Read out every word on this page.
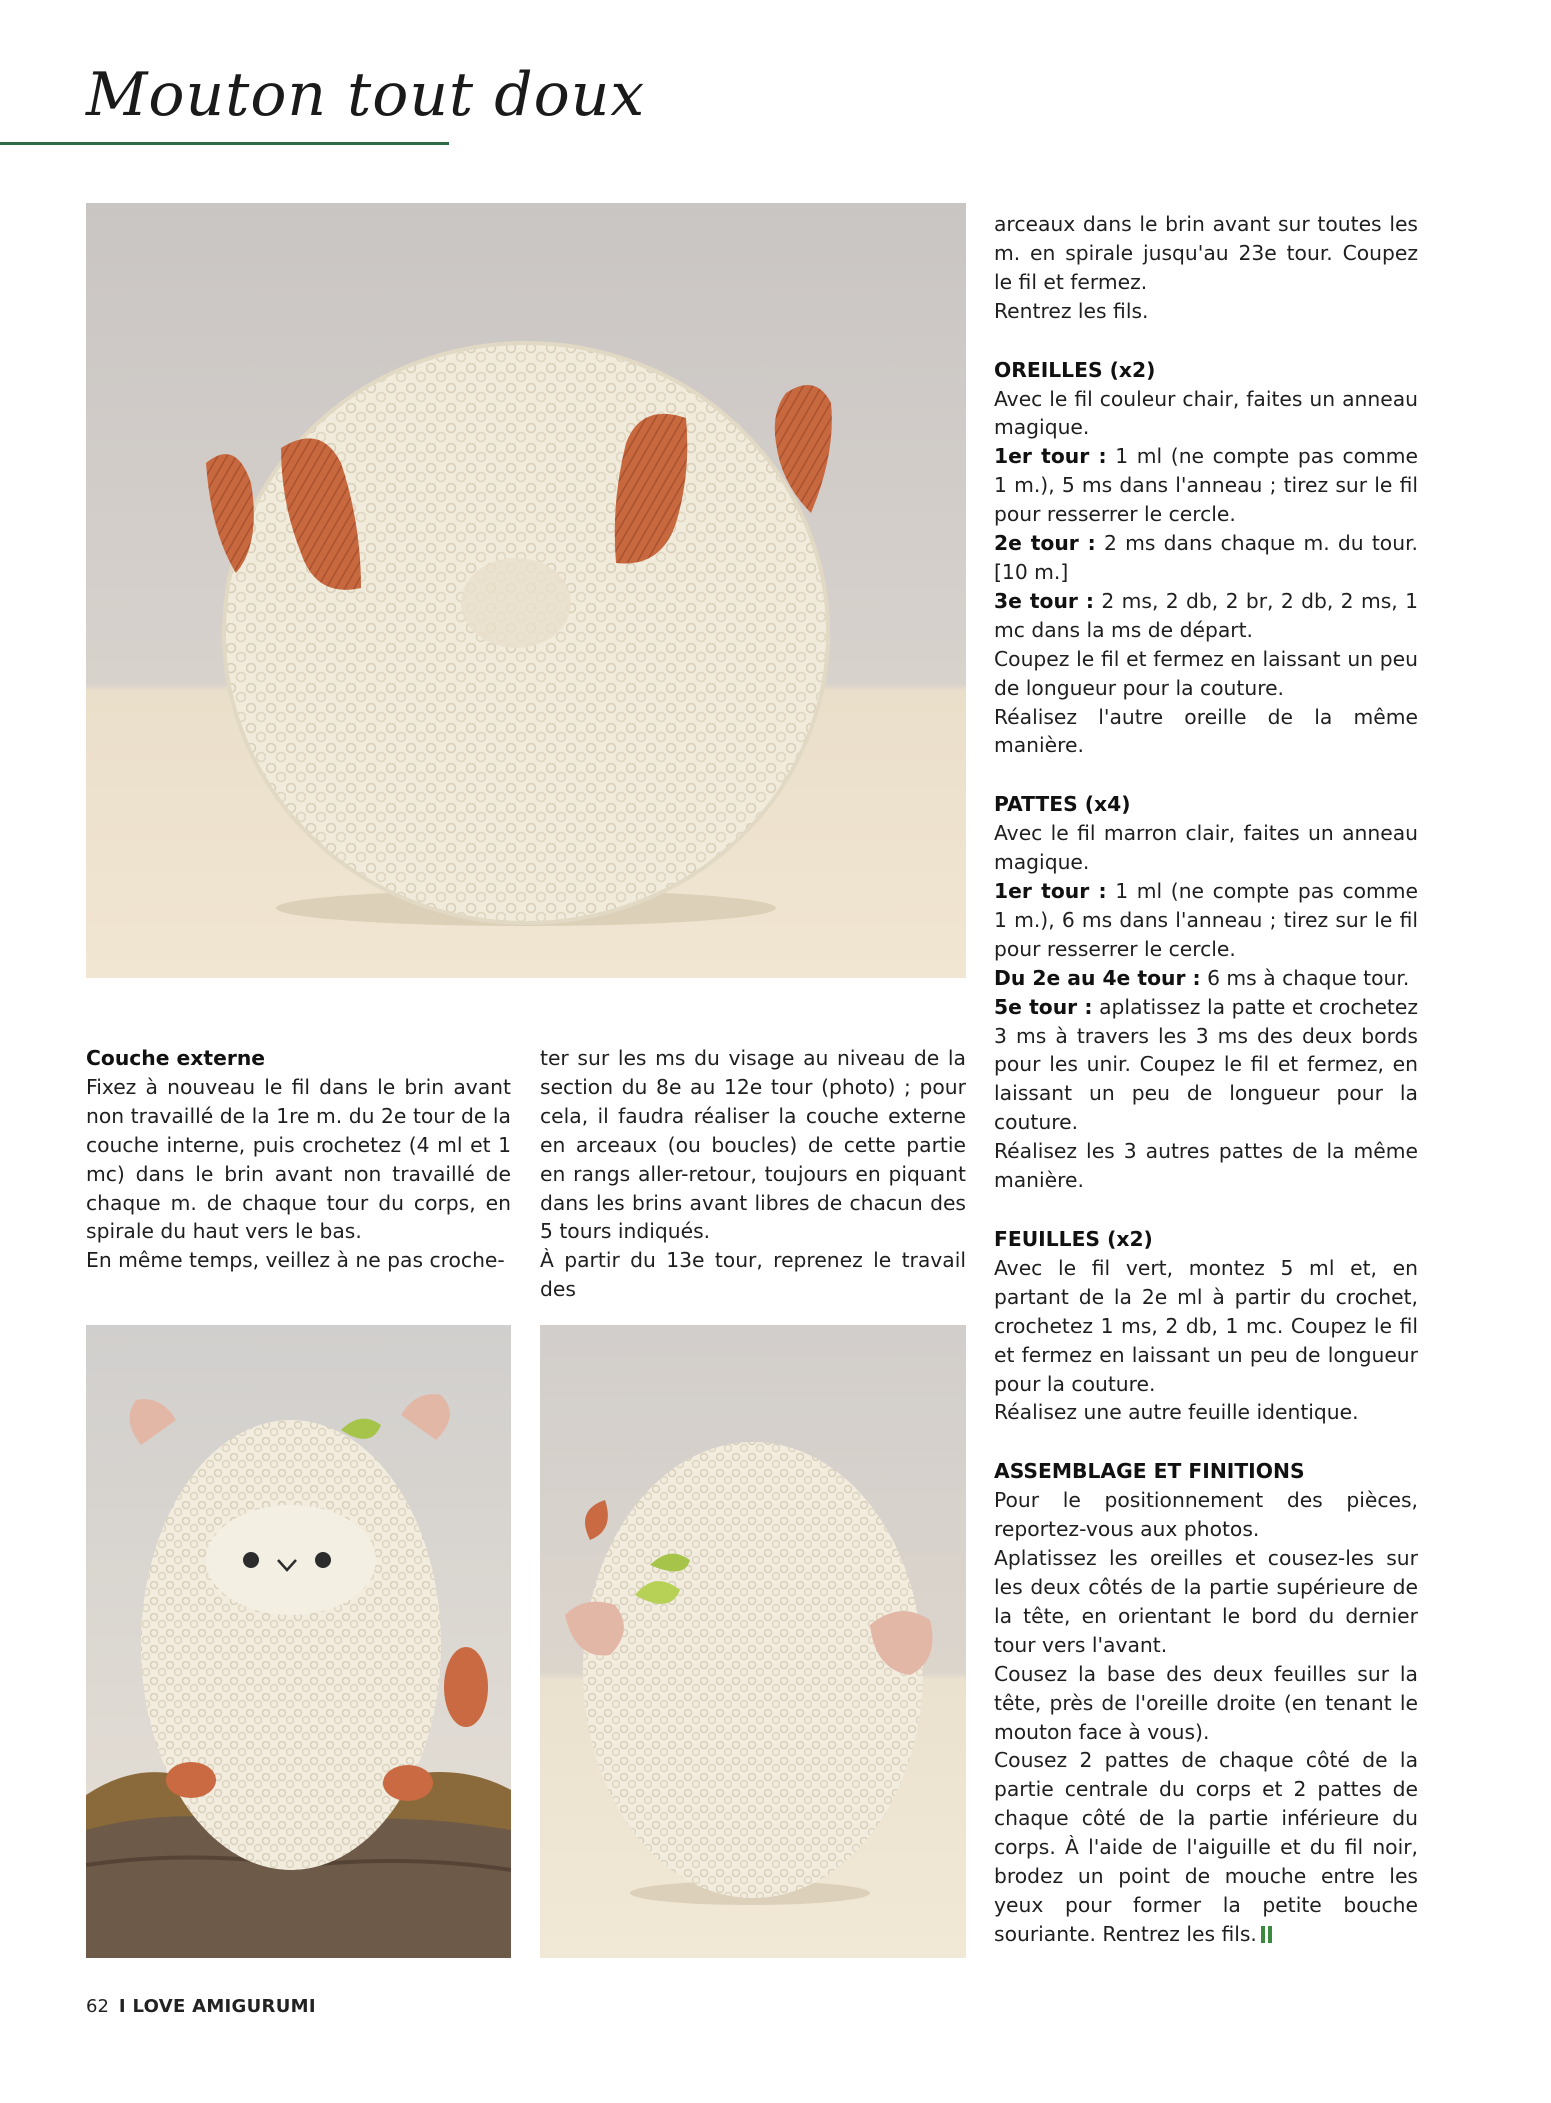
Mouton tout doux

Couche externe

Fixez à nouveau le fil dans le brin avant non travaillé de la 1re m. du 2e tour de la couche interne, puis crochetez (4 ml et 1 mc) dans le brin avant non travaillé de chaque m. de chaque tour du corps, en spirale du haut vers le bas.

En même temps, veillez à ne pas croche-

ter sur les ms du visage au niveau de la section du 8e au 12e tour (photo) ; pour cela, il faudra réaliser la couche externe en arceaux (ou boucles) de cette partie en rangs aller-retour, toujours en piquant dans les brins avant libres de chacun des 5 tours indiqués.

À partir du 13e tour, reprenez le travail des

arceaux dans le brin avant sur toutes les m. en spirale jusqu'au 23e tour. Coupez le fil et fermez.

Rentrez les fils.

OREILLES (x2)

Avec le fil couleur chair, faites un anneau magique.

1er tour : 1 ml (ne compte pas comme 1 m.), 5 ms dans l'anneau ; tirez sur le fil pour resserrer le cercle.

2e tour : 2 ms dans chaque m. du tour. [10 m.]

3e tour : 2 ms, 2 db, 2 br, 2 db, 2 ms, 1 mc dans la ms de départ.

Coupez le fil et fermez en laissant un peu de longueur pour la couture.

Réalisez l'autre oreille de la même manière.

PATTES (x4)

Avec le fil marron clair, faites un anneau magique.

1er tour : 1 ml (ne compte pas comme 1 m.), 6 ms dans l'anneau ; tirez sur le fil pour resserrer le cercle.

Du 2e au 4e tour : 6 ms à chaque tour.

5e tour : aplatissez la patte et crochetez 3 ms à travers les 3 ms des deux bords pour les unir. Coupez le fil et fermez, en laissant un peu de longueur pour la couture.

Réalisez les 3 autres pattes de la même manière.

FEUILLES (x2)

Avec le fil vert, montez 5 ml et, en partant de la 2e ml à partir du crochet, crochetez 1 ms, 2 db, 1 mc. Coupez le fil et fermez en laissant un peu de longueur pour la couture.

Réalisez une autre feuille identique.

ASSEMBLAGE ET FINITIONS

Pour le positionnement des pièces, reportez-vous aux photos.

Aplatissez les oreilles et cousez-les sur les deux côtés de la partie supérieure de la tête, en orientant le bord du dernier tour vers l'avant.

Cousez la base des deux feuilles sur la tête, près de l'oreille droite (en tenant le mouton face à vous).

Cousez 2 pattes de chaque côté de la partie centrale du corps et 2 pattes de chaque côté de la partie inférieure du corps. À l'aide de l'aiguille et du fil noir, brodez un point de mouche entre les yeux pour former la petite bouche souriante. Rentrez les fils.

62 I LOVE AMIGURUMI
